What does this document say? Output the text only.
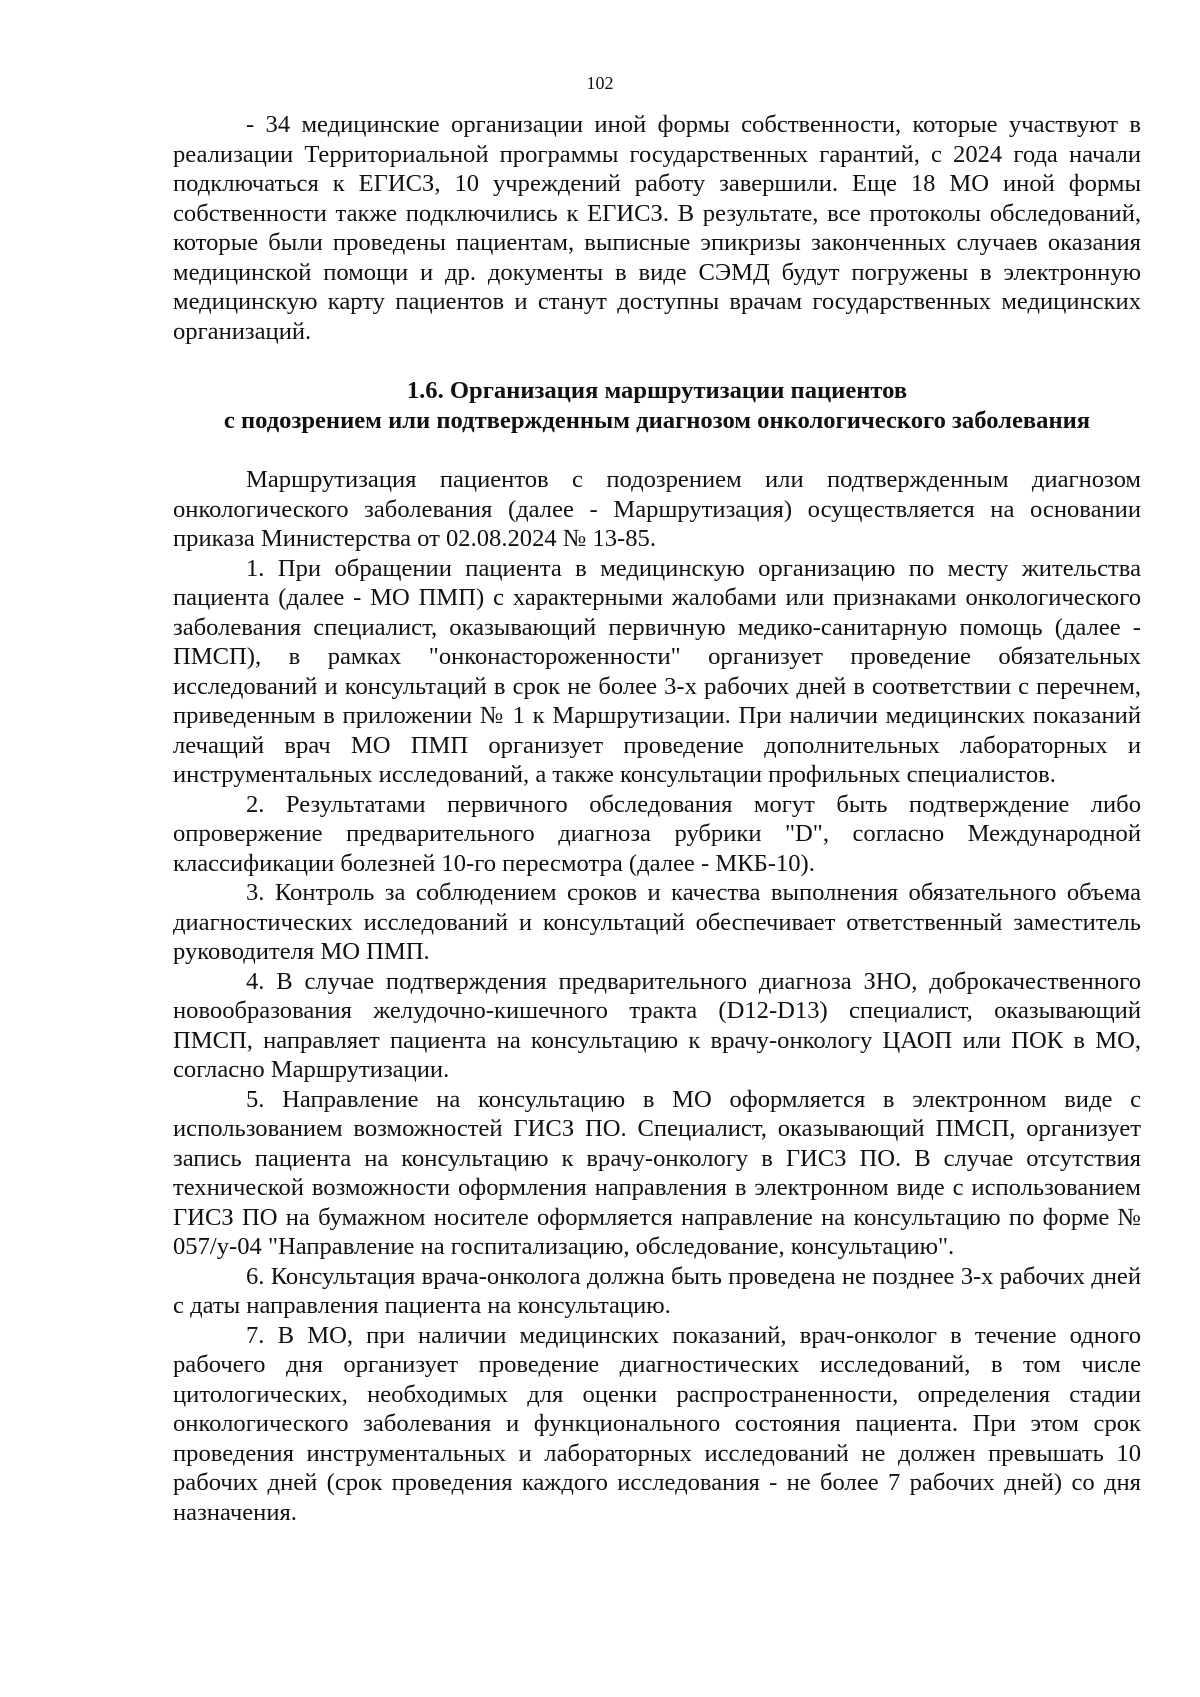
102

- 34 медицинские организации иной формы собственности, которые участвуют в реализации Территориальной программы государственных гарантий, с 2024 года начали подключаться к ЕГИСЗ, 10 учреждений работу завершили. Еще 18 МО иной формы собственности также подключились к ЕГИСЗ. В результате, все протоколы обследований, которые были проведены пациентам, выписные эпикризы законченных случаев оказания медицинской помощи и др. документы в виде СЭМД будут погружены в электронную медицинскую карту пациентов и станут доступны врачам государственных медицинских организаций.

1.6. Организация маршрутизации пациентов
с подозрением или подтвержденным диагнозом онкологического заболевания

Маршрутизация пациентов с подозрением или подтвержденным диагнозом онкологического заболевания (далее - Маршрутизация) осуществляется на основании приказа Министерства от 02.08.2024 № 13-85.

1. При обращении пациента в медицинскую организацию по месту жительства пациента (далее - МО ПМП) с характерными жалобами или признаками онкологического заболевания специалист, оказывающий первичную медико-санитарную помощь (далее - ПМСП), в рамках "онконастороженности" организует проведение обязательных исследований и консультаций в срок не более 3-х рабочих дней в соответствии с перечнем, приведенным в приложении № 1 к Маршрутизации. При наличии медицинских показаний лечащий врач МО ПМП организует проведение дополнительных лабораторных и инструментальных исследований, а также консультации профильных специалистов.

2. Результатами первичного обследования могут быть подтверждение либо опровержение предварительного диагноза рубрики "D", согласно Международной классификации болезней 10-го пересмотра (далее - МКБ-10).

3. Контроль за соблюдением сроков и качества выполнения обязательного объема диагностических исследований и консультаций обеспечивает ответственный заместитель руководителя МО ПМП.

4. В случае подтверждения предварительного диагноза ЗНО, доброкачественного новообразования желудочно-кишечного тракта (D12-D13) специалист, оказывающий ПМСП, направляет пациента на консультацию к врачу-онкологу ЦАОП или ПОК в МО, согласно Маршрутизации.

5. Направление на консультацию в МО оформляется в электронном виде с использованием возможностей ГИСЗ ПО. Специалист, оказывающий ПМСП, организует запись пациента на консультацию к врачу-онкологу в ГИСЗ ПО. В случае отсутствия технической возможности оформления направления в электронном виде с использованием ГИСЗ ПО на бумажном носителе оформляется направление на консультацию по форме № 057/у-04 "Направление на госпитализацию, обследование, консультацию".

6. Консультация врача-онколога должна быть проведена не позднее 3-х рабочих дней с даты направления пациента на консультацию.

7. В МО, при наличии медицинских показаний, врач-онколог в течение одного рабочего дня организует проведение диагностических исследований, в том числе цитологических, необходимых для оценки распространенности, определения стадии онкологического заболевания и функционального состояния пациента. При этом срок проведения инструментальных и лабораторных исследований не должен превышать 10 рабочих дней (срок проведения каждого исследования - не более 7 рабочих дней) со дня назначения.
